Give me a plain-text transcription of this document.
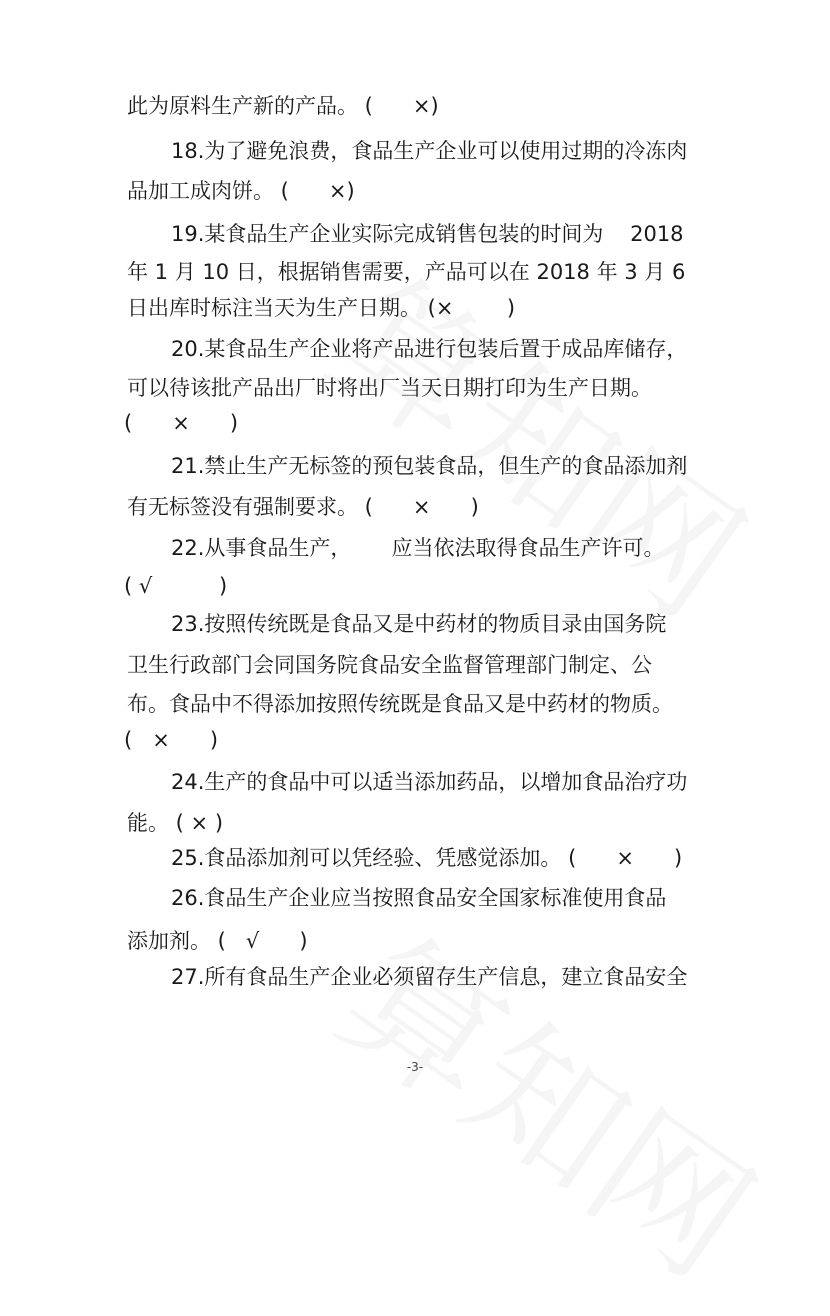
此为原料生产新的产品。 (      ×)
18.为了避免浪费，食品生产企业可以使用过期的冷冻肉
品加工成肉饼。 (      ×)
19.某食品生产企业实际完成销售包装的时间为    2018
年 1 月 10 日，根据销售需要，产品可以在 2018 年 3 月 6
日出库时标注当天为生产日期。 (×        )
20.某食品生产企业将产品进行包装后置于成品库储存，
可以待该批产品出厂时将出厂当天日期打印为生产日期。
(      ×      )
21.禁止生产无标签的预包装食品，但生产的食品添加剂
有无标签没有强制要求。 (      ×      )
22.从事食品生产，      应当依法取得食品生产许可。
( √          )
23.按照传统既是食品又是中药材的物质目录由国务院
卫生行政部门会同国务院食品安全监督管理部门制定、公
布。食品中不得添加按照传统既是食品又是中药材的物质。
(   ×      )
24.生产的食品中可以适当添加药品，以增加食品治疗功
能。 ( × )
25.食品添加剂可以凭经验、凭感觉添加。 (      ×      )
26.食品生产企业应当按照食品安全国家标准使用食品
添加剂。 (   √      )
27.所有食品生产企业必须留存生产信息，建立食品安全
-3-
